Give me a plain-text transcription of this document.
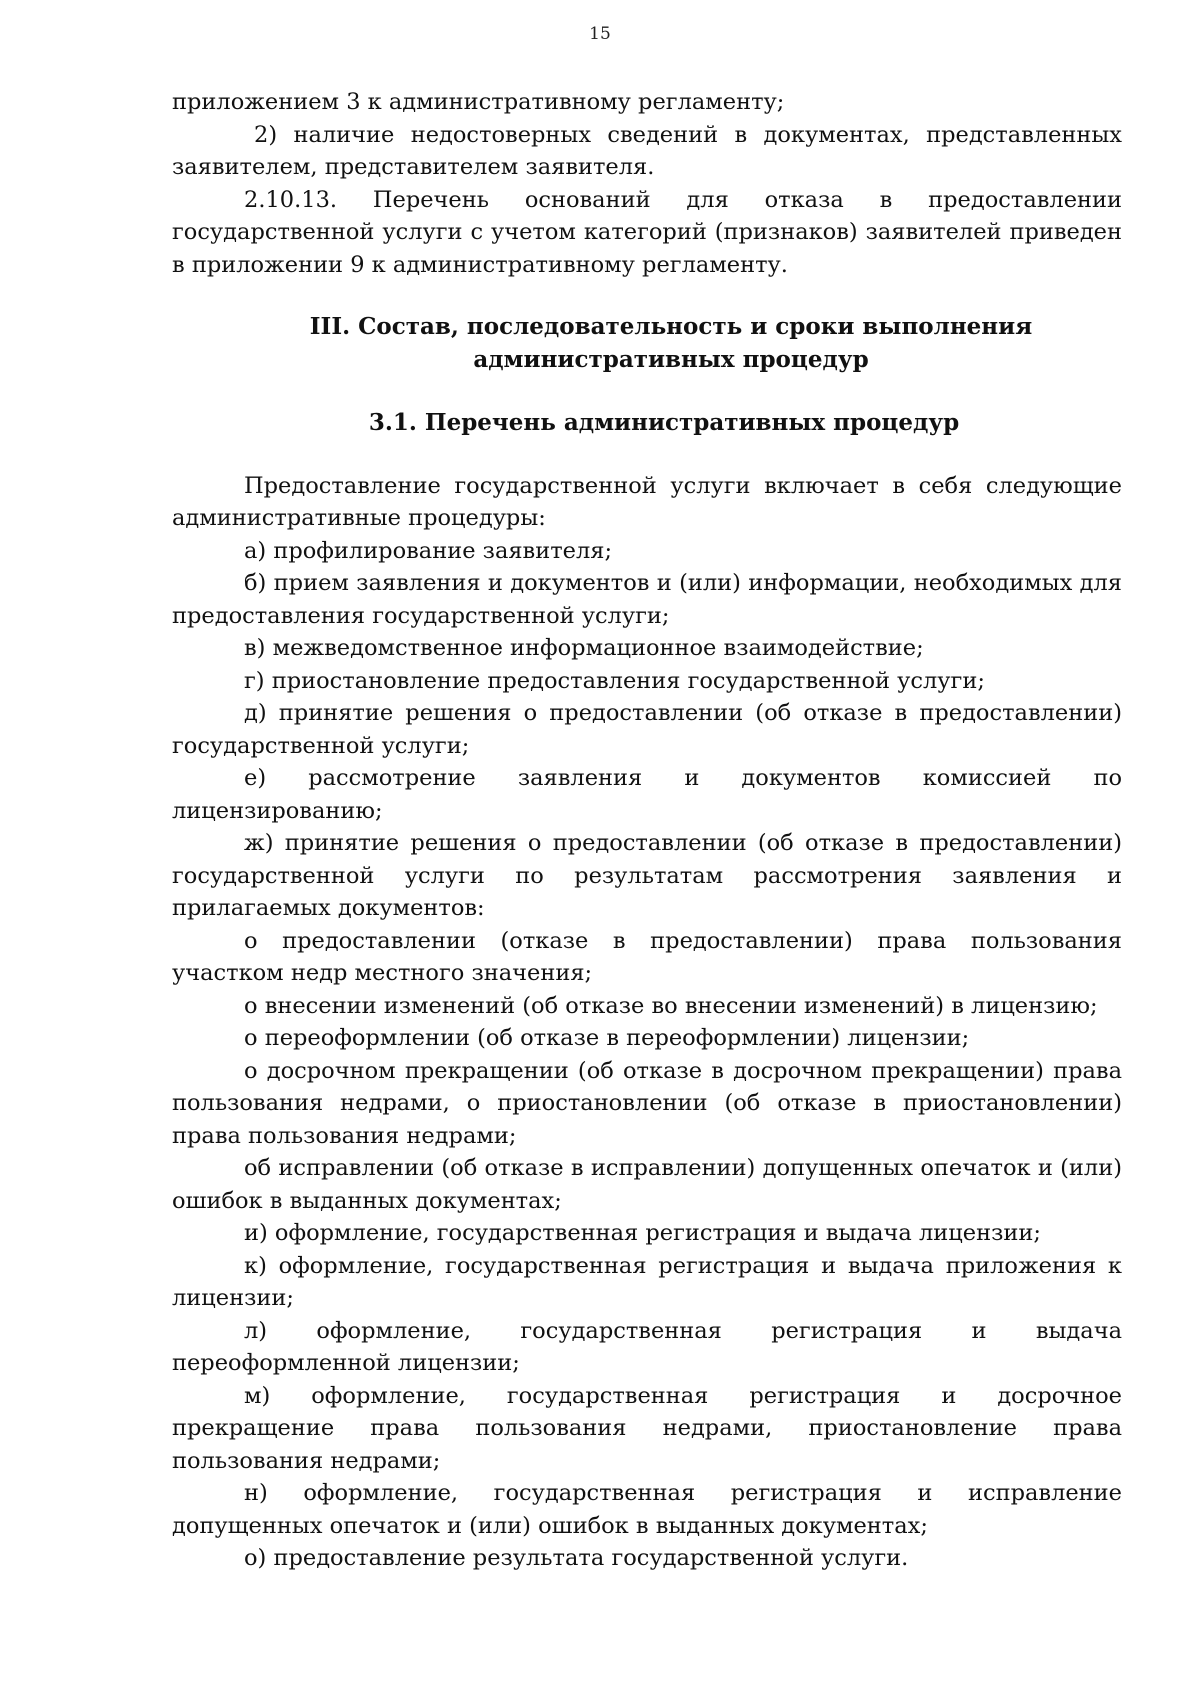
15

приложением 3 к административному регламенту;

2) наличие недостоверных сведений в документах, представленных заявителем, представителем заявителя.

2.10.13. Перечень оснований для отказа в предоставлении государственной услуги с учетом категорий (признаков) заявителей приведен в приложении 9 к административному регламенту.

III. Состав, последовательность и сроки выполнения
административных процедур
3.1. Перечень административных процедур

Предоставление государственной услуги включает в себя следующие административные процедуры:

а) профилирование заявителя;

б) прием заявления и документов и (или) информации, необходимых для предоставления государственной услуги;

в) межведомственное информационное взаимодействие;

г) приостановление предоставления государственной услуги;

д) принятие решения о предоставлении (об отказе в предоставлении) государственной услуги;

е) рассмотрение заявления и документов комиссией по лицензированию;

ж) принятие решения о предоставлении (об отказе в предоставлении) государственной услуги по результатам рассмотрения заявления и прилагаемых документов:

о предоставлении (отказе в предоставлении) права пользования участком недр местного значения;

о внесении изменений (об отказе во внесении изменений) в лицензию;

о переоформлении (об отказе в переоформлении) лицензии;

о досрочном прекращении (об отказе в досрочном прекращении) права пользования недрами, о приостановлении (об отказе в приостановлении) права пользования недрами;

об исправлении (об отказе в исправлении) допущенных опечаток и (или) ошибок в выданных документах;

и) оформление, государственная регистрация и выдача лицензии;

к) оформление, государственная регистрация и выдача приложения к лицензии;

л) оформление, государственная регистрация и выдача переоформленной лицензии;

м) оформление, государственная регистрация и досрочное прекращение права пользования недрами, приостановление права пользования недрами;

н) оформление, государственная регистрация и исправление допущенных опечаток и (или) ошибок в выданных документах;

о) предоставление результата государственной услуги.
